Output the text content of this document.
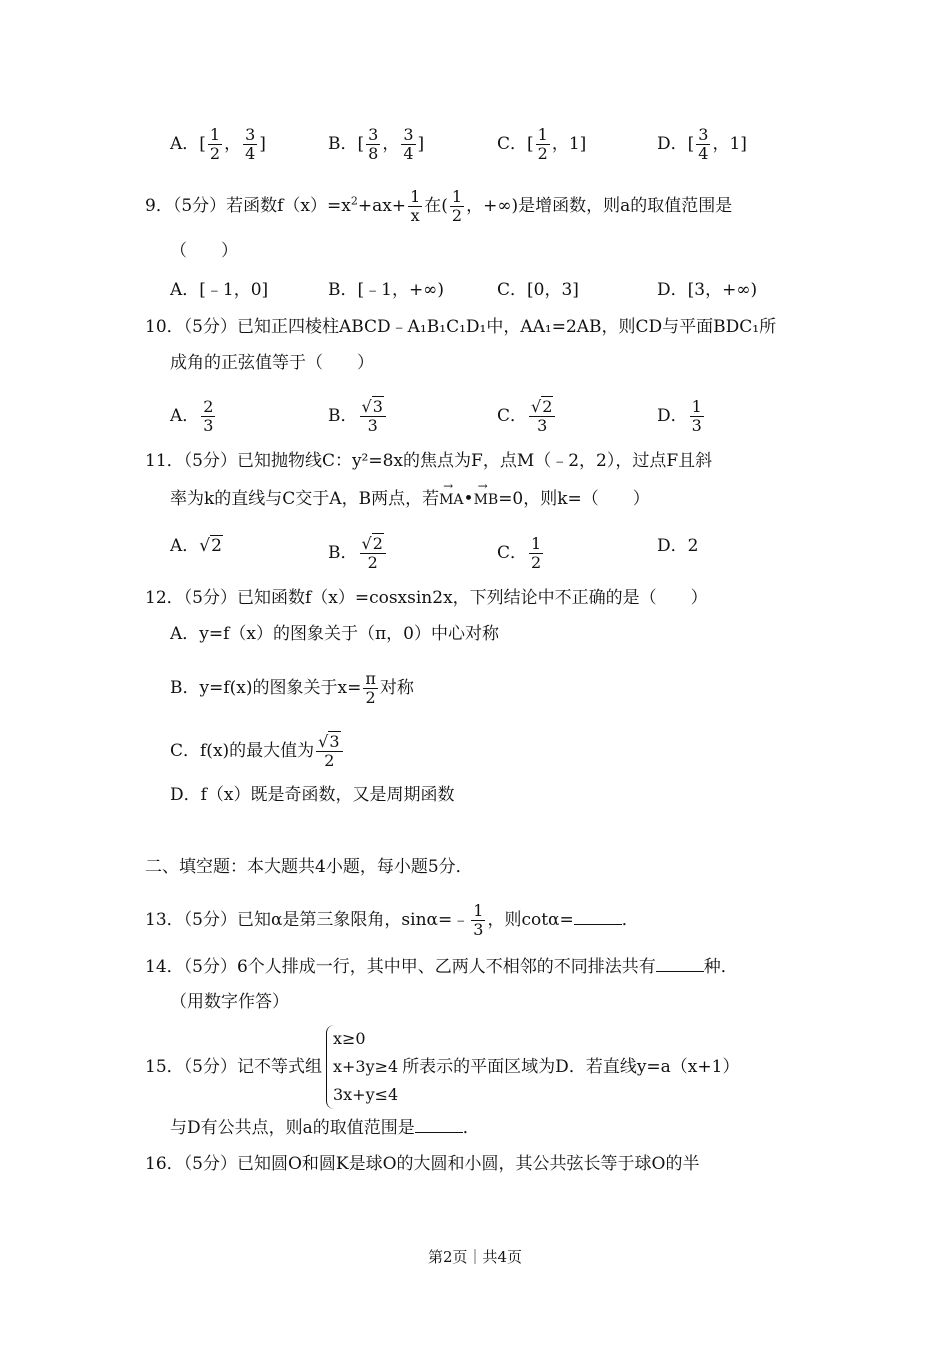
A．[ $\frac{1}{2}$ ， $\frac{3}{4}$ ]	B．[ $\frac{3}{8}$ ， $\frac{3}{4}$ ]	C．[ $\frac{1}{2}$ ，1]	D．[ $\frac{3}{4}$ ，1]
9．（5分）若函数$f(x)=x^2+ax+ \frac{1}{x}$ 在( $\frac{1}{2}$ ，+∞)是增函数，则a的取值范围是
（　　）
A．[﹣1，0]	B．[﹣1，+∞)	C．[0，3]	D．[3，+∞)
10．（5分）已知正四棱柱ABCD﹣A₁B₁C₁D₁中，AA₁=2AB，则CD与平面BDC₁所
成角的正弦值等于（　　）
A． $\frac{2}{3}$	B． $\frac{√3}{3}$	C． $\frac{√2}{3}$	D． $\frac{1}{3}$
11．（5分）已知抛物线C：y²=8x的焦点为F，点M（﹣2，2），过点F且斜
率为k的直线与C交于A，B两点，若→ MA•→ MB=0，则k=（　　）
A．√2	B． $\frac{√2}{2}$	C． $\frac{1}{2}$	D．2
12．（5分）已知函数f（x）=cosxsin2x，下列结论中不正确的是（　　）
A．y=f（x）的图象关于（π，0）中心对称
B．y=f(x)的图象关于$x= \frac{\pi}{2}$ 对称
C．f(x)的最大值为 $\frac{√3}{2}$
D．f（x）既是奇函数，又是周期函数
二、填空题：本大题共4小题，每小题5分．
13．（5分）已知α是第三象限角，sinα=﹣ $\frac{1}{3}$ ，则cotα=	．
14．（5分）6个人排成一行，其中甲、乙两人不相邻的不同排法共有	种．
（用数字作答）
15．（5分）记不等式组
x≥0
x+3y≥4
3x+y≤4
所表示的平面区域为D．若直线y=a（x+1）
与D有公共点，则a的取值范围是	．
16．（5分）已知圆O和圆K是球O的大圆和小圆，其公共弦长等于球O的半
第2页｜共4页
